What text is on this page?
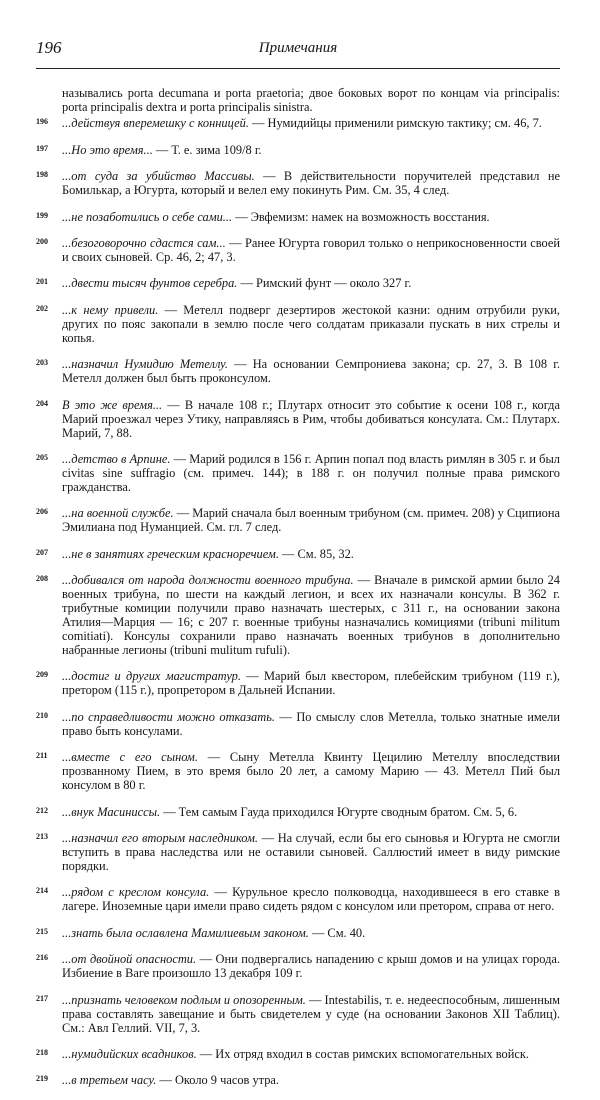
196	Примечания

назывались porta decumana и porta praetoria; двое боковых ворот по концам via principalis: porta principalis dextra и porta principalis sinistra.

196 ...действуя вперемешку с конницей. — Нумидийцы применили римскую тактику; см. 46, 7.

197 ...Но это время... — Т. е. зима 109/8 г.

198 ...от суда за убийство Массивы. — В действительности поручителей представил не Бомилькар, а Югурта, который и велел ему покинуть Рим. См. 35, 4 след.

199 ...не позаботились о себе сами... — Эвфемизм: намек на возможность восстания.

200 ...безоговорочно сдастся сам... — Ранее Югурта говорил только о неприкосновенности своей и своих сыновей. Ср. 46, 2; 47, 3.

201 ...двести тысяч фунтов серебра. — Римский фунт — около 327 г.

202 ...к нему привели. — Метелл подверг дезертиров жестокой казни: одним отрубили руки, других по пояс закопали в землю после чего солдатам приказали пускать в них стрелы и копья.

203 ...назначил Нумидию Метеллу. — На основании Семпрониева закона; ср. 27, 3. В 108 г. Метелл должен был быть проконсулом.

204 В это же время... — В начале 108 г.; Плутарх относит это событие к осени 108 г., когда Марий проезжал через Утику, направляясь в Рим, чтобы добиваться консулата. См.: Плутарх. Марий, 7, 88.

205 ...детство в Арпине. — Марий родился в 156 г. Арпин попал под власть римлян в 305 г. и был civitas sine suffragio (см. примеч. 144); в 188 г. он получил полные права римского гражданства.

206 ...на военной службе. — Марий сначала был военным трибуном (см. примеч. 208) у Сципиона Эмилиана под Нуманцией. См. гл. 7 след.

207 ...не в занятиях греческим красноречием. — См. 85, 32.

208 ...добивался от народа должности военного трибуна. — Вначале в римской армии было 24 военных трибуна, по шести на каждый легион, и всех их назначали консулы. В 362 г. трибутные комиции получили право назначать шестерых, с 311 г., на основании закона Атилия—Марция — 16; с 207 г. военные трибуны назначались комициями (tribuni militum comitiati). Консулы сохранили право назначать военных трибунов в дополнительно набранные легионы (tribuni mulitum rufuli).

209 ...достиг и других магистратур. — Марий был квестором, плебейским трибуном (119 г.), претором (115 г.), пропретором в Дальней Испании.

210 ...по справедливости можно отказать. — По смыслу слов Метелла, только знатные имели право быть консулами.

211 ...вместе с его сыном. — Сыну Метелла Квинту Цецилию Метеллу впоследствии прозванному Пием, в это время было 20 лет, а самому Марию — 43. Метелл Пий был консулом в 80 г.

212 ...внук Масиниссы. — Тем самым Гауда приходился Югурте сводным братом. См. 5, 6.

213 ...назначил его вторым наследником. — На случай, если бы его сыновья и Югурта не смогли вступить в права наследства или не оставили сыновей. Саллюстий имеет в виду римские порядки.

214 ...рядом с креслом консула. — Курульное кресло полководца, находившееся в его ставке в лагере. Иноземные цари имели право сидеть рядом с консулом или претором, справа от него.

215 ...знать была ославлена Мамилиевым законом. — См. 40.

216 ...от двойной опасности. — Они подвергались нападению с крыш домов и на улицах города. Избиение в Ваге произошло 13 декабря 109 г.

217 ...признать человеком подлым и опозоренным. — Intestabilis, т. е. недееспособным, лишенным права составлять завещание и быть свидетелем у суде (на основании Законов XII Таблиц). См.: Авл Геллий. VII, 7, 3.

218 ...нумидийских всадников. — Их отряд входил в состав римских вспомогательных войск.

219 ...в третьем часу. — Около 9 часов утра.
